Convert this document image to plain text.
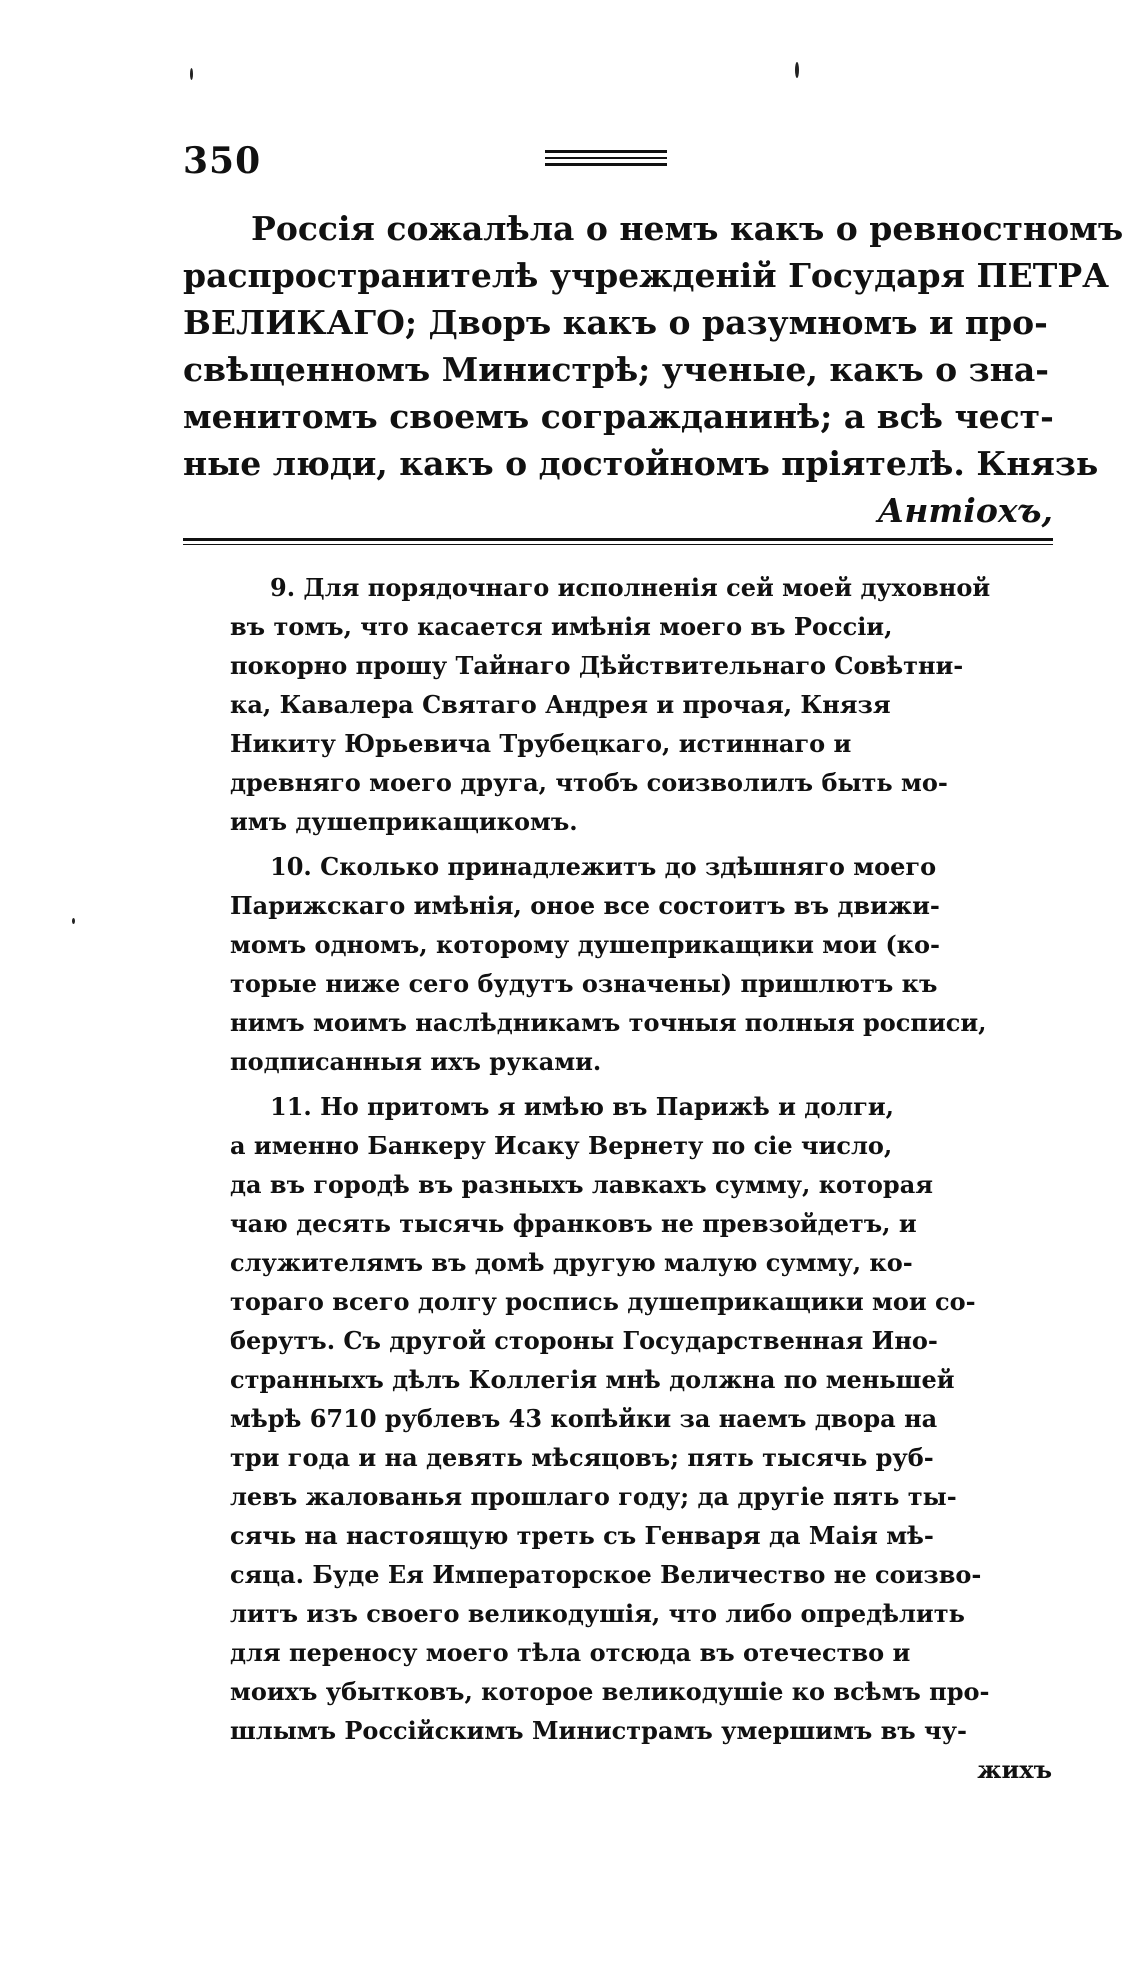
350
Россія сожалѣла о немъ какъ о ревностномъ
распространителѣ учрежденій Государя ПЕТРА
ВЕЛИКАГО; Дворъ какъ о разумномъ и про-
свѣщенномъ Министрѣ; ученые, какъ о зна-
менитомъ своемъ согражданинѣ; а всѣ чест-
ные люди, какъ о достойномъ пріятелѣ. Князь
Антіохъ,
9. Для порядочнаго исполненія сей моей духовной
въ томъ, что касается имѣнія моего въ Россіи,
покорно прошу Тайнаго Дѣйствительнаго Совѣтни-
ка, Кавалера Святаго Андрея и прочая, Князя
Никиту Юрьевича Трубецкаго, истиннаго и
древняго моего друга, чтобъ соизволилъ быть мо-
имъ душеприкащикомъ.
10. Сколько принадлежитъ до здѣшняго моего
Парижскаго имѣнія, оное все состоитъ въ движи-
момъ одномъ, которому душеприкащики мои (ко-
торые ниже сего будутъ означены) пришлютъ къ
нимъ моимъ наслѣдникамъ точныя полныя росписи,
подписанныя ихъ руками.
11. Но притомъ я имѣю въ Парижѣ и долги,
а именно Банкеру Исаку Вернету по сіе число,
да въ городѣ въ разныхъ лавкахъ сумму, которая
чаю десять тысячь франковъ не превзойдетъ, и
служителямъ въ домѣ другую малую сумму, ко-
тораго всего долгу роспись душеприкащики мои со-
берутъ. Съ другой стороны Государственная Ино-
странныхъ дѣлъ Коллегія мнѣ должна по меньшей
мѣрѣ 6710 рублевъ 43 копѣйки за наемъ двора на
три года и на девять мѣсяцовъ; пять тысячь руб-
левъ жалованья прошлаго году; да другіе пять ты-
сячь на настоящую треть съ Генваря да Маія мѣ-
сяца. Буде Ея Императорское Величество не соизво-
литъ изъ своего великодушія, что либо опредѣлить
для переносу моего тѣла отсюда въ отечество и
моихъ убытковъ, которое великодушіе ко всѣмъ про-
шлымъ Россійскимъ Министрамъ умершимъ въ чу-
жихъ
